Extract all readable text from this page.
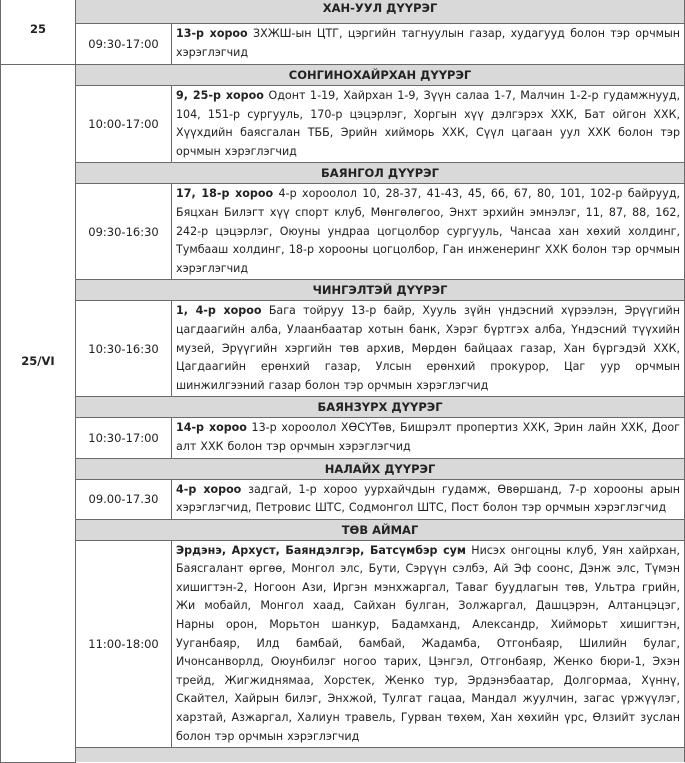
25	ХАН-УУЛ ДҮҮРЭГ	
	09:30-17:00	13-р хороо ЗХЖШ-ын ЦТГ, цэргийн тагнуулын газар, худагууд болон тэр орчмын хэрэглэгчид
25/VI	СОНГИНОХАЙРХАН ДҮҮРЭГ	
	10:00-17:00	9, 25-р хороо Одонт 1-19, Хайрхан 1-9, Зүүн салаа 1-7, Малчин 1-2-р гудамжнууд, 104, 151-р сургууль, 170-р цэцэрлэг, Хоргын хүү дэлгэрэх ХХК, Бат ойгон ХХК, Хүүхдийн баясгалан ТББ, Эрийн хийморь ХХК, Сүүл цагаан уул ХХК болон тэр орчмын хэрэглэгчид
	БАЯНГОЛ ДҮҮРЭГ	
	09:30-16:30	17, 18-р хороо 4-р хороолол 10, 28-37, 41-43, 45, 66, 67, 80, 101, 102-р байрууд, Бяцхан Билэгт хүү спорт клуб, Мөнгөлөгоо, Энхт эрхийн эмнэлэг, 11, 87, 88, 162, 242-р цэцэрлэг, Оюуны ундраа цогцолбор сургууль, Чансаа хан хөхий холдинг, Тумбааш холдинг, 18-р хорооны цогцолбор, Ган инженеринг ХХК болон тэр орчмын хэрэглэгчид
	ЧИНГЭЛТЭЙ ДҮҮРЭГ	
	10:30-16:30	1, 4-р хороо Бага тойруу 13-р байр, Хууль зүйн үндэсний хүрээлэн, Эрүүгийн цагдаагийн алба, Улаанбаатар хотын банк, Хэрэг бүртгэх алба, Үндэсний түүхийн музей, Эрүүгийн хэргийн төв архив, Мөрдөн байцаах газар, Хан бүргэдэй ХХК, Цагдаагийн ерөнхий газар, Улсын ерөнхий прокурор, Цаг уур орчмын шинжилгээний газар болон тэр орчмын хэрэглэгчид
	БАЯНЗҮРХ ДҮҮРЭГ	
	10:30-17:00	14-р хороо 13-р хороолол ХӨСҮТөв, Бишрэлт пропертиз ХХК, Эрин лайн ХХК, Доог алт ХХК болон тэр орчмын хэрэглэгчид
	НАЛАЙХ ДҮҮРЭГ	
	09.00-17.30	4-р хороо задгай, 1-р хороо уурхайчдын гудамж, Өвөршанд, 7-р хорооны арын хэрэглэгчид, Петровис ШТС, Содмонгол ШТС, Пост болон тэр орчмын хэрэглэгчид
	ТӨВ АЙМАГ	
	11:00-18:00	Эрдэнэ, Архуст, Баяндэлгэр, Батсүмбэр сум Нисэх онгоцны клуб, Уян хайрхан, Баясгалант өргөө, Монгол элс, Бути, Сэрүүн сэлбэ, Ай Эф соонс, Дэнж элс, Түмэн хишигтэн-2, Ногоон Ази, Иргэн мэнхжаргал, Таваг буудлагын төв, Ультра грийн, Жи мобайл, Монгол хаад, Сайхан булган, Золжаргал, Дашцэрэн, Алтанцэцэг, Нарны орон, Морьтон шанкур, Бадамханд, Александр, Хийморьт хишигтэн, Ууганбаяр, Илд бамбай, бамбай, Жадамба, Отгонбаяр, Шилийн булаг, Ичонсанворлд, Оюунбилэг ногоо тарих, Цэнгэл, Отгонбаяр, Женко бюри-1, Эхэн трейд, Жигжиднямаа, Хорстек, Женко тур, Эрдэнэбаатар, Долгормаа, Хүннү, Скайтел, Хайрын билэг, Энхжой, Тулгат гацаа, Мандал жуулчин, загас үржүүлэг, харзтай, Азжаргал, Халиун травель, Гурван төхөм, Хан хөхийн үрс, Өлзийт зуслан болон тэр орчмын хэрэглэгчид
